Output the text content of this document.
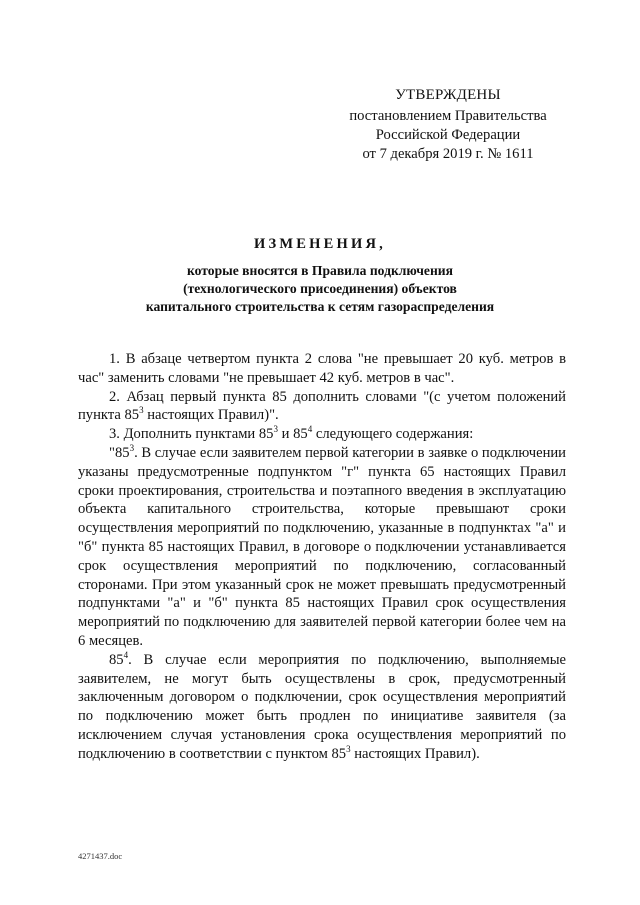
УТВЕРЖДЕНЫ
постановлением Правительства
Российской Федерации
от 7 декабря 2019 г. № 1611
ИЗМЕНЕНИЯ,
которые вносятся в Правила подключения
(технологического присоединения) объектов
капитального строительства к сетям газораспределения

1. В абзаце четвертом пункта 2 слова "не превышает 20 куб. метров в час" заменить словами "не превышает 42 куб. метров в час".

2. Абзац первый пункта 85 дополнить словами "(с учетом положений пункта $85^3$ настоящих Правил)".

3. Дополнить пунктами $85^3$ и $85^4$ следующего содержания:

"$85^3$. В случае если заявителем первой категории в заявке о подключении указаны предусмотренные подпунктом "г" пункта 65 настоящих Правил сроки проектирования, строительства и поэтапного введения в эксплуатацию объекта капитального строительства, которые превышают сроки осуществления мероприятий по подключению, указанные в подпунктах "а" и "б" пункта 85 настоящих Правил, в договоре о подключении устанавливается срок осуществления мероприятий по подключению, согласованный сторонами. При этом указанный срок не может превышать предусмотренный подпунктами "а" и "б" пункта 85 настоящих Правил срок осуществления мероприятий по подключению для заявителей первой категории более чем на 6 месяцев.

$85^4$. В случае если мероприятия по подключению, выполняемые заявителем, не могут быть осуществлены в срок, предусмотренный заключенным договором о подключении, срок осуществления мероприятий по подключению может быть продлен по инициативе заявителя (за исключением случая установления срока осуществления мероприятий по подключению в соответствии с пунктом $85^3$ настоящих Правил).

4271437.doc
